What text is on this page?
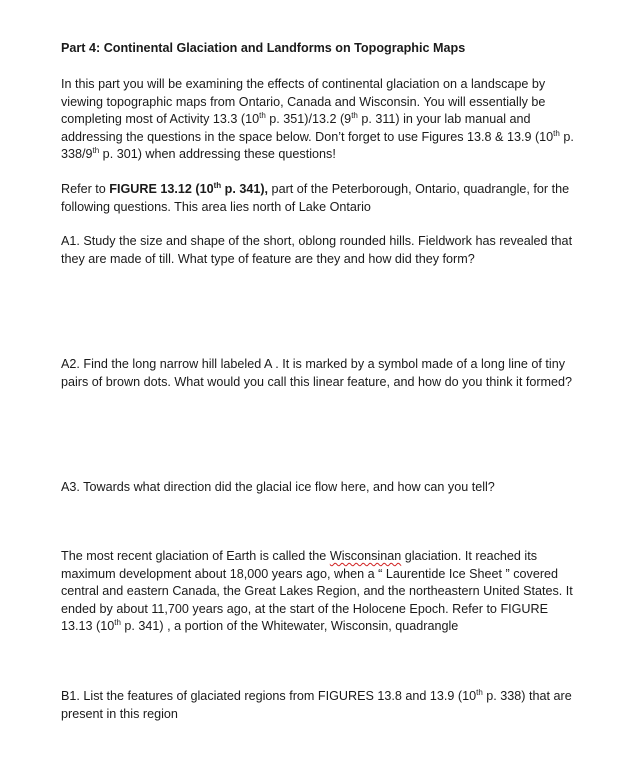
Part 4: Continental Glaciation and Landforms on Topographic Maps

In this part you will be examining the effects of continental glaciation on a landscape by viewing topographic maps from Ontario, Canada and Wisconsin. You will essentially be completing most of Activity 13.3 (10th p. 351)/13.2 (9th p. 311) in your lab manual and addressing the questions in the space below. Don’t forget to use Figures 13.8 & 13.9 (10th p. 338/9th p. 301) when addressing these questions!

Refer to FIGURE 13.12 (10th p. 341), part of the Peterborough, Ontario, quadrangle, for the following questions. This area lies north of Lake Ontario

A1. Study the size and shape of the short, oblong rounded hills. Fieldwork has revealed that they are made of till. What type of feature are they and how did they form?

A2. Find the long narrow hill labeled A . It is marked by a symbol made of a long line of tiny pairs of brown dots. What would you call this linear feature, and how do you think it formed?

A3. Towards what direction did the glacial ice flow here, and how can you tell?

The most recent glaciation of Earth is called the Wisconsinan glaciation. It reached its maximum development about 18,000 years ago, when a “ Laurentide Ice Sheet ” covered central and eastern Canada, the Great Lakes Region, and the northeastern United States. It ended by about 11,700 years ago, at the start of the Holocene Epoch. Refer to FIGURE 13.13 (10th p. 341) , a portion of the Whitewater, Wisconsin, quadrangle

B1. List the features of glaciated regions from FIGURES 13.8 and 13.9 (10th p. 338) that are present in this region
